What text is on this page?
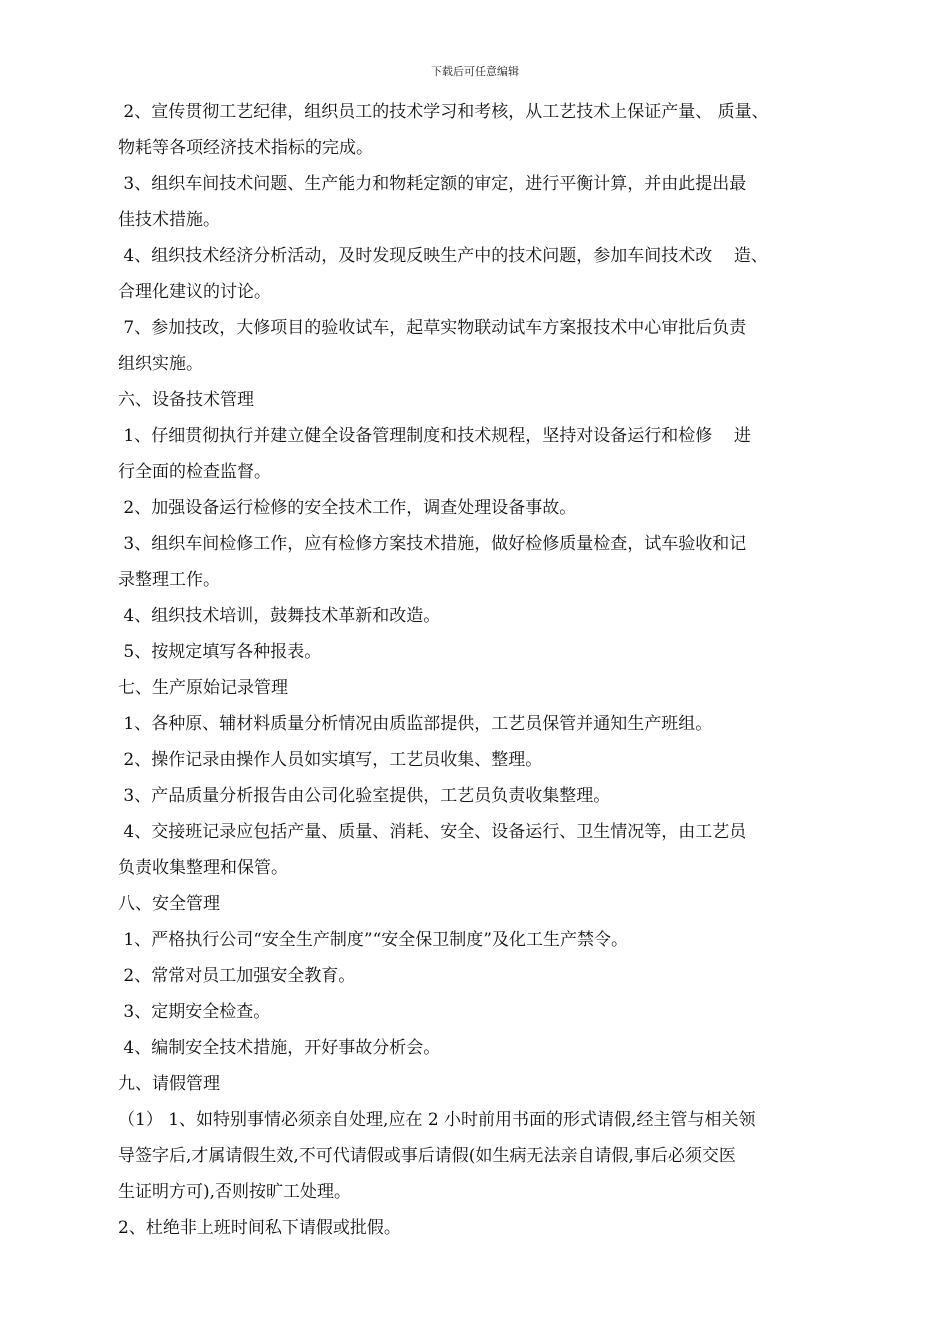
下载后可任意编辑
2、宣传贯彻工艺纪律，组织员工的技术学习和考核，从工艺技术上保证产量、 质量、
物耗等各项经济技术指标的完成。
3、组织车间技术问题、生产能力和物耗定额的审定，进行平衡计算，并由此提出最
佳技术措施。
4、组织技术经济分析活动，及时发现反映生产中的技术问题，参加车间技术改    造、
合理化建议的讨论。
7、参加技改，大修项目的验收试车，起草实物联动试车方案报技术中心审批后负责
组织实施。
六、设备技术管理
1、仔细贯彻执行并建立健全设备管理制度和技术规程，坚持对设备运行和检修    进
行全面的检查监督。
2、加强设备运行检修的安全技术工作，调查处理设备事故。
3、组织车间检修工作，应有检修方案技术措施，做好检修质量检查，试车验收和记
录整理工作。
4、组织技术培训，鼓舞技术革新和改造。
5、按规定填写各种报表。
七、生产原始记录管理
1、各种原、辅材料质量分析情况由质监部提供，工艺员保管并通知生产班组。
2、操作记录由操作人员如实填写，工艺员收集、整理。
3、产品质量分析报告由公司化验室提供，工艺员负责收集整理。
4、交接班记录应包括产量、质量、消耗、安全、设备运行、卫生情况等，由工艺员
负责收集整理和保管。
八、安全管理
1、严格执行公司“安全生产制度”“安全保卫制度”及化工生产禁令。
2、常常对员工加强安全教育。
3、定期安全检查。
4、编制安全技术措施，开好事故分析会。
九、请假管理
（1） 1、如特别事情必须亲自处理,应在 2 小时前用书面的形式请假,经主管与相关领
导签字后,才属请假生效,不可代请假或事后请假(如生病无法亲自请假,事后必须交医
生证明方可),否则按旷工处理。
2、杜绝非上班时间私下请假或批假。
